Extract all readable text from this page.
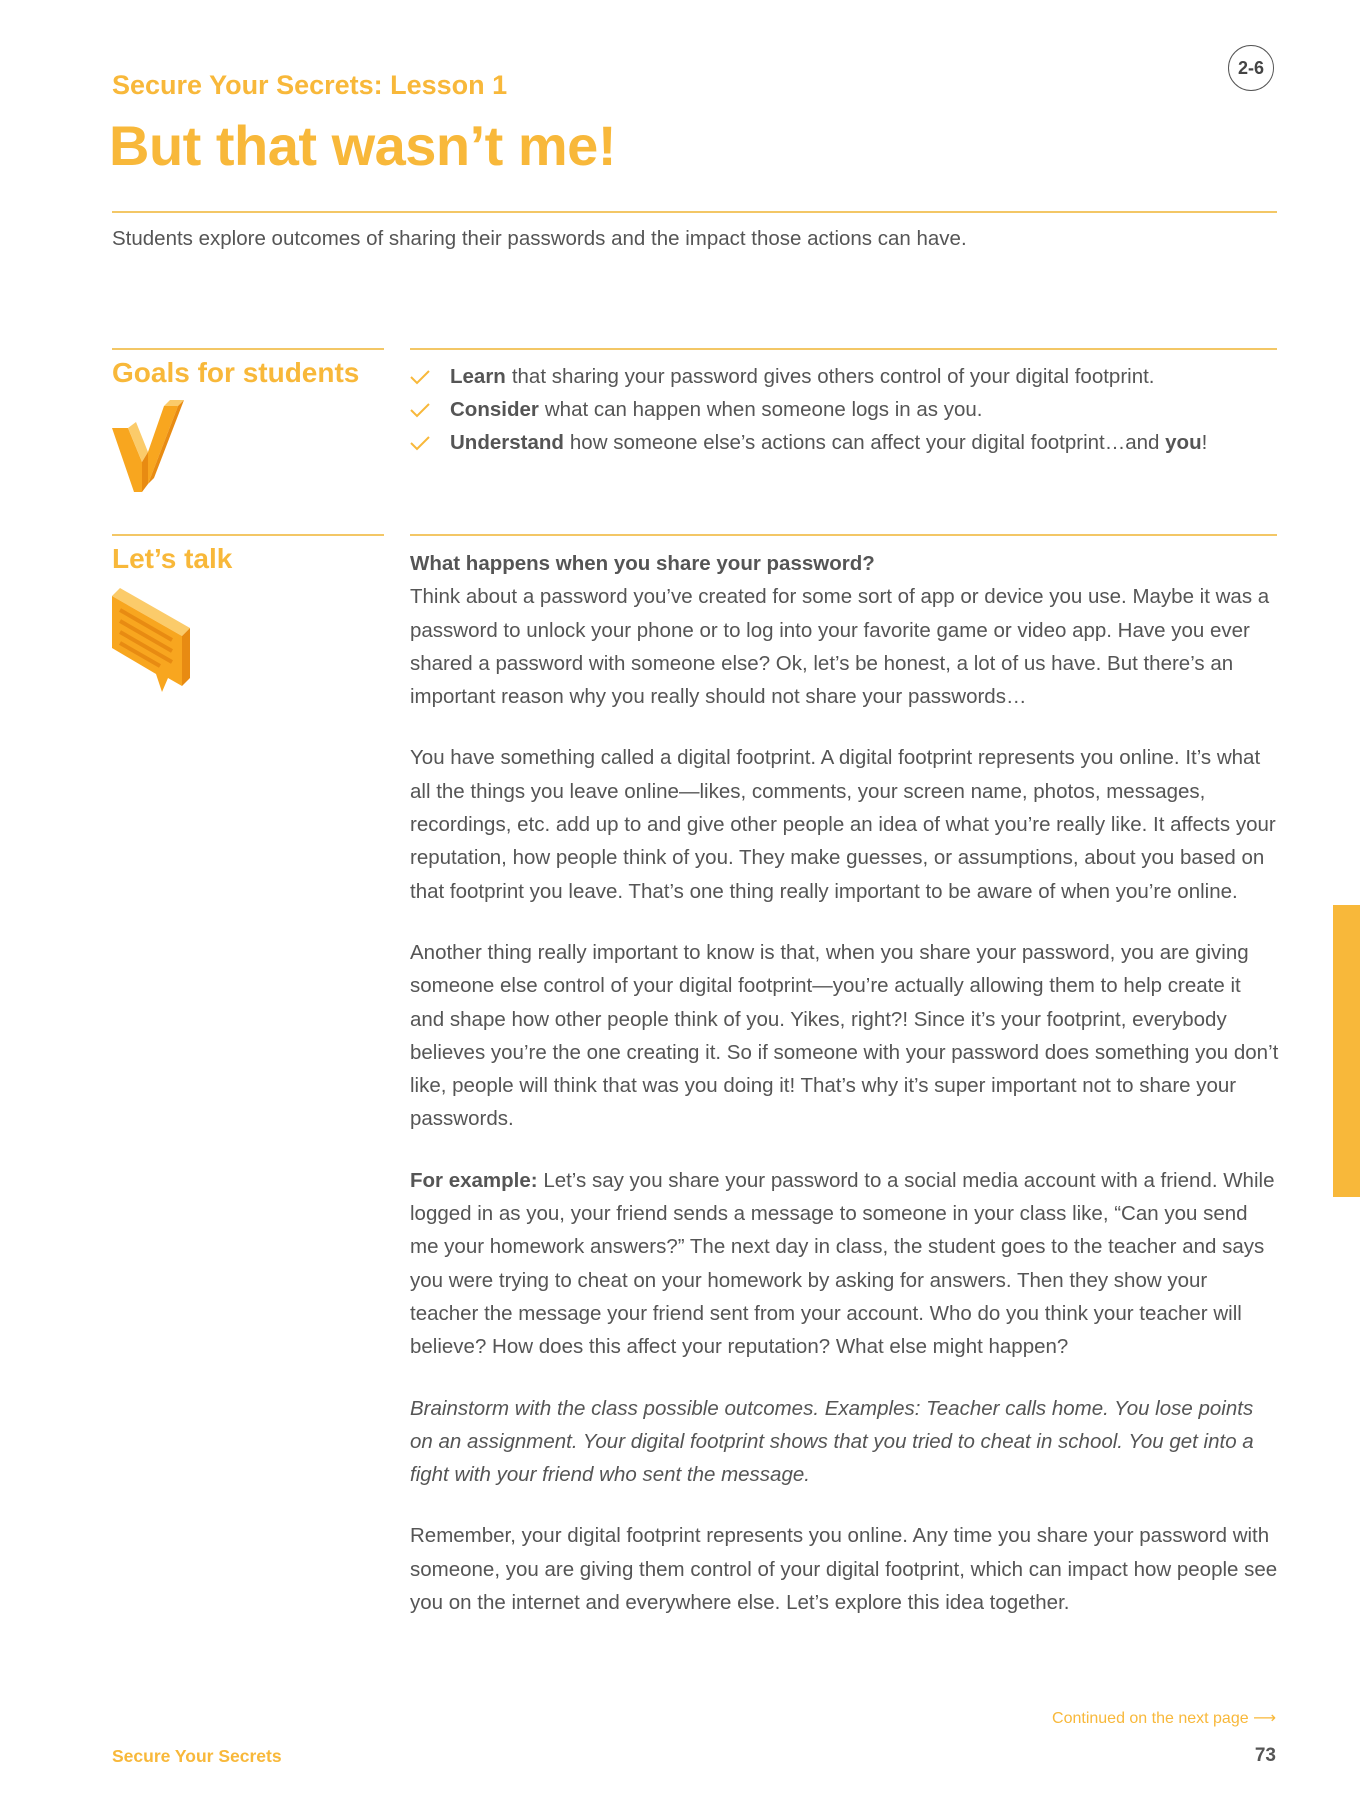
2-6
Secure Your Secrets: Lesson 1
But that wasn’t me!

Students explore outcomes of sharing their passwords and the impact those actions can have.

Goals for students	Learn that sharing your password gives others control of your digital footprint.
Consider what can happen when someone logs in as you.
Understand how someone else’s actions can affect your digital footprint…and you !
Let’s talk	What happens when you share your password?

Think about a password you’ve created for some sort of app or device you use. Maybe it was a password to unlock your phone or to log into your favorite game or video app. Have you ever shared a password with someone else? Ok, let’s be honest, a lot of us have. But there’s an important reason why you really should not share your passwords…

You have something called a digital footprint. A digital footprint represents you online. It’s what all the things you leave online—likes, comments, your screen name, photos, messages, recordings, etc. add up to and give other people an idea of what you’re really like. It affects your reputation, how people think of you. They make guesses, or assumptions, about you based on that footprint you leave. That’s one thing really important to be aware of when you’re online.

Another thing really important to know is that, when you share your password, you are giving someone else control of your digital footprint—you’re actually allowing them to help create it and shape how other people think of you. Yikes, right?! Since it’s your footprint, everybody believes you’re the one creating it. So if someone with your password does something you don’t like, people will think that was you doing it! That’s why it’s super important not to share your passwords.

For example: Let’s say you share your password to a social media account with a friend. While logged in as you, your friend sends a message to someone in your class like, “Can you send me your homework answers?” The next day in class, the student goes to the teacher and says you were trying to cheat on your homework by asking for answers. Then they show your teacher the message your friend sent from your account. Who do you think your teacher will believe? How does this affect your reputation? What else might happen?

Brainstorm with the class possible outcomes. Examples: Teacher calls home. You lose points on an assignment. Your digital footprint shows that you tried to cheat in school. You get into a fight with your friend who sent the message.

Remember, your digital footprint represents you online. Any time you share your password with someone, you are giving them control of your digital footprint, which can impact how people see you on the internet and everywhere else. Let’s explore this idea together.

Continued on the next page ⟶
Secure Your Secrets	73
